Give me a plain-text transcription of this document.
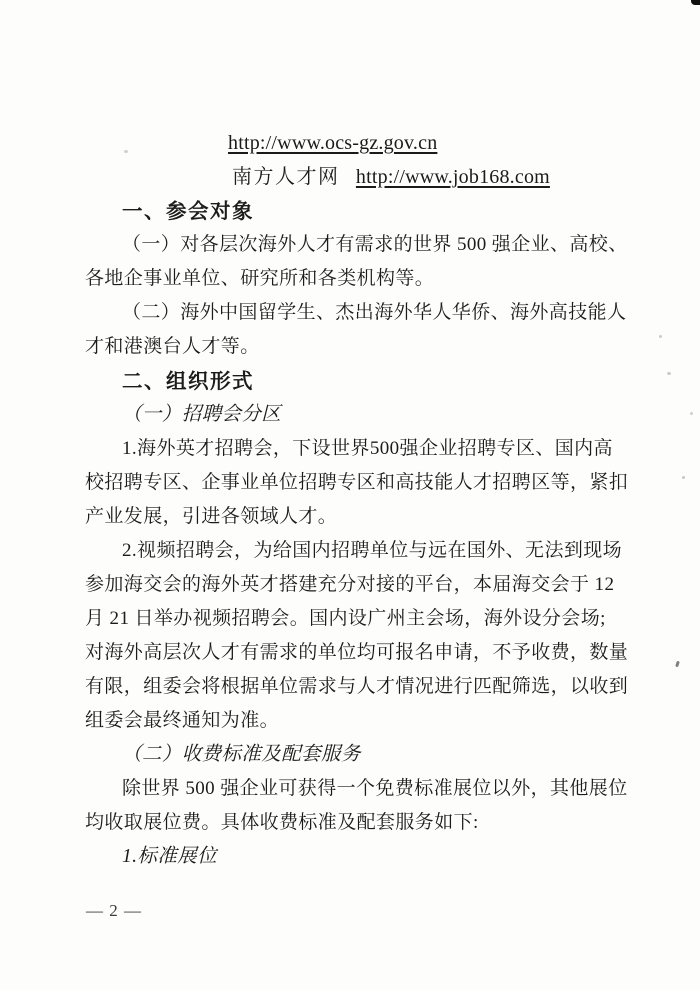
http://www.ocs-gz.gov.cn
南方人才网 http://www.job168.com
一、参会对象
（一）对各层次海外人才有需求的世界 500 强企业、高校、
各地企事业单位、研究所和各类机构等。
（二）海外中国留学生、杰出海外华人华侨、海外高技能人
才和港澳台人才等。
二、组织形式
（一）招聘会分区
1.海外英才招聘会，下设世界500强企业招聘专区、国内高
校招聘专区、企事业单位招聘专区和高技能人才招聘区等，紧扣
产业发展，引进各领域人才。
2.视频招聘会，为给国内招聘单位与远在国外、无法到现场
参加海交会的海外英才搭建充分对接的平台，本届海交会于 12
月 21 日举办视频招聘会。国内设广州主会场，海外设分会场;
对海外高层次人才有需求的单位均可报名申请，不予收费，数量
有限，组委会将根据单位需求与人才情况进行匹配筛选，以收到
组委会最终通知为准。
（二）收费标准及配套服务
除世界 500 强企业可获得一个免费标准展位以外，其他展位
均收取展位费。具体收费标准及配套服务如下:
1.标准展位
— 2 —
